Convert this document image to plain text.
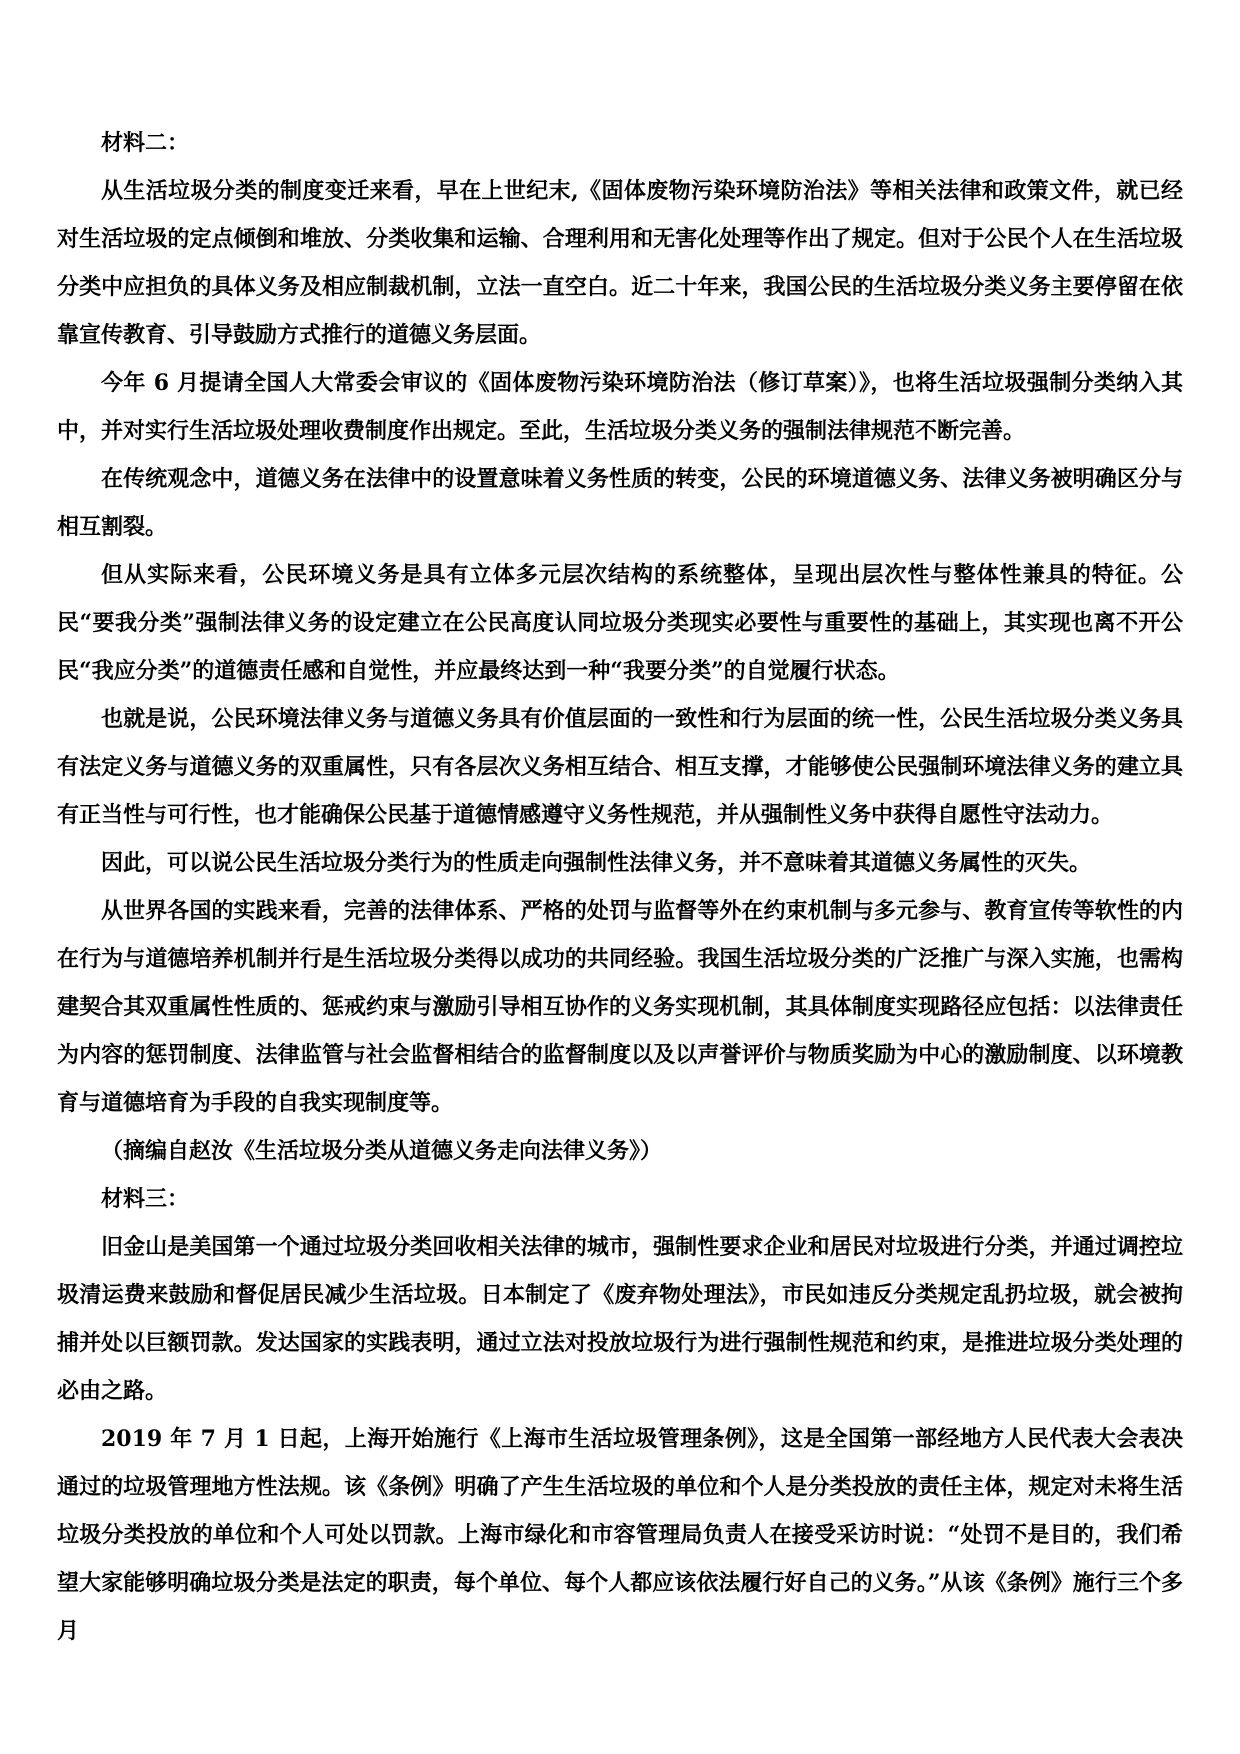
材料二：

从生活垃圾分类的制度变迁来看，早在上世纪末,《固体废物污染环境防治法》等相关法律和政策文件，就已经对生活垃圾的定点倾倒和堆放、分类收集和运输、合理利用和无害化处理等作出了规定。但对于公民个人在生活垃圾分类中应担负的具体义务及相应制裁机制，立法一直空白。近二十年来，我国公民的生活垃圾分类义务主要停留在依靠宣传教育、引导鼓励方式推行的道德义务层面。

今年 6 月提请全国人大常委会审议的《固体废物污染环境防治法（修订草案）》，也将生活垃圾强制分类纳入其中，并对实行生活垃圾处理收费制度作出规定。至此，生活垃圾分类义务的强制法律规范不断完善。

在传统观念中，道德义务在法律中的设置意味着义务性质的转变，公民的环境道德义务、法律义务被明确区分与相互割裂。

但从实际来看，公民环境义务是具有立体多元层次结构的系统整体，呈现出层次性与整体性兼具的特征。公民“要我分类”强制法律义务的设定建立在公民高度认同垃圾分类现实必要性与重要性的基础上，其实现也离不开公民“我应分类”的道德责任感和自觉性，并应最终达到一种“我要分类”的自觉履行状态。

也就是说，公民环境法律义务与道德义务具有价值层面的一致性和行为层面的统一性，公民生活垃圾分类义务具有法定义务与道德义务的双重属性，只有各层次义务相互结合、相互支撑，才能够使公民强制环境法律义务的建立具有正当性与可行性，也才能确保公民基于道德情感遵守义务性规范，并从强制性义务中获得自愿性守法动力。

因此，可以说公民生活垃圾分类行为的性质走向强制性法律义务，并不意味着其道德义务属性的灭失。

从世界各国的实践来看，完善的法律体系、严格的处罚与监督等外在约束机制与多元参与、教育宣传等软性的内在行为与道德培养机制并行是生活垃圾分类得以成功的共同经验。我国生活垃圾分类的广泛推广与深入实施，也需构建契合其双重属性性质的、惩戒约束与激励引导相互协作的义务实现机制，其具体制度实现路径应包括：以法律责任为内容的惩罚制度、法律监管与社会监督相结合的监督制度以及以声誉评价与物质奖励为中心的激励制度、以环境教育与道德培育为手段的自我实现制度等。

（摘编自赵汝《生活垃圾分类从道德义务走向法律义务》）

材料三：

旧金山是美国第一个通过垃圾分类回收相关法律的城市，强制性要求企业和居民对垃圾进行分类，并通过调控垃圾清运费来鼓励和督促居民减少生活垃圾。日本制定了《废弃物处理法》，市民如违反分类规定乱扔垃圾，就会被拘捕并处以巨额罚款。发达国家的实践表明，通过立法对投放垃圾行为进行强制性规范和约束，是推进垃圾分类处理的必由之路。

2019 年 7 月 1 日起，上海开始施行《上海市生活垃圾管理条例》，这是全国第一部经地方人民代表大会表决通过的垃圾管理地方性法规。该《条例》明确了产生生活垃圾的单位和个人是分类投放的责任主体，规定对未将生活垃圾分类投放的单位和个人可处以罚款。上海市绿化和市容管理局负责人在接受采访时说：“处罚不是目的，我们希望大家能够明确垃圾分类是法定的职责，每个单位、每个人都应该依法履行好自己的义务。”从该《条例》施行三个多月
